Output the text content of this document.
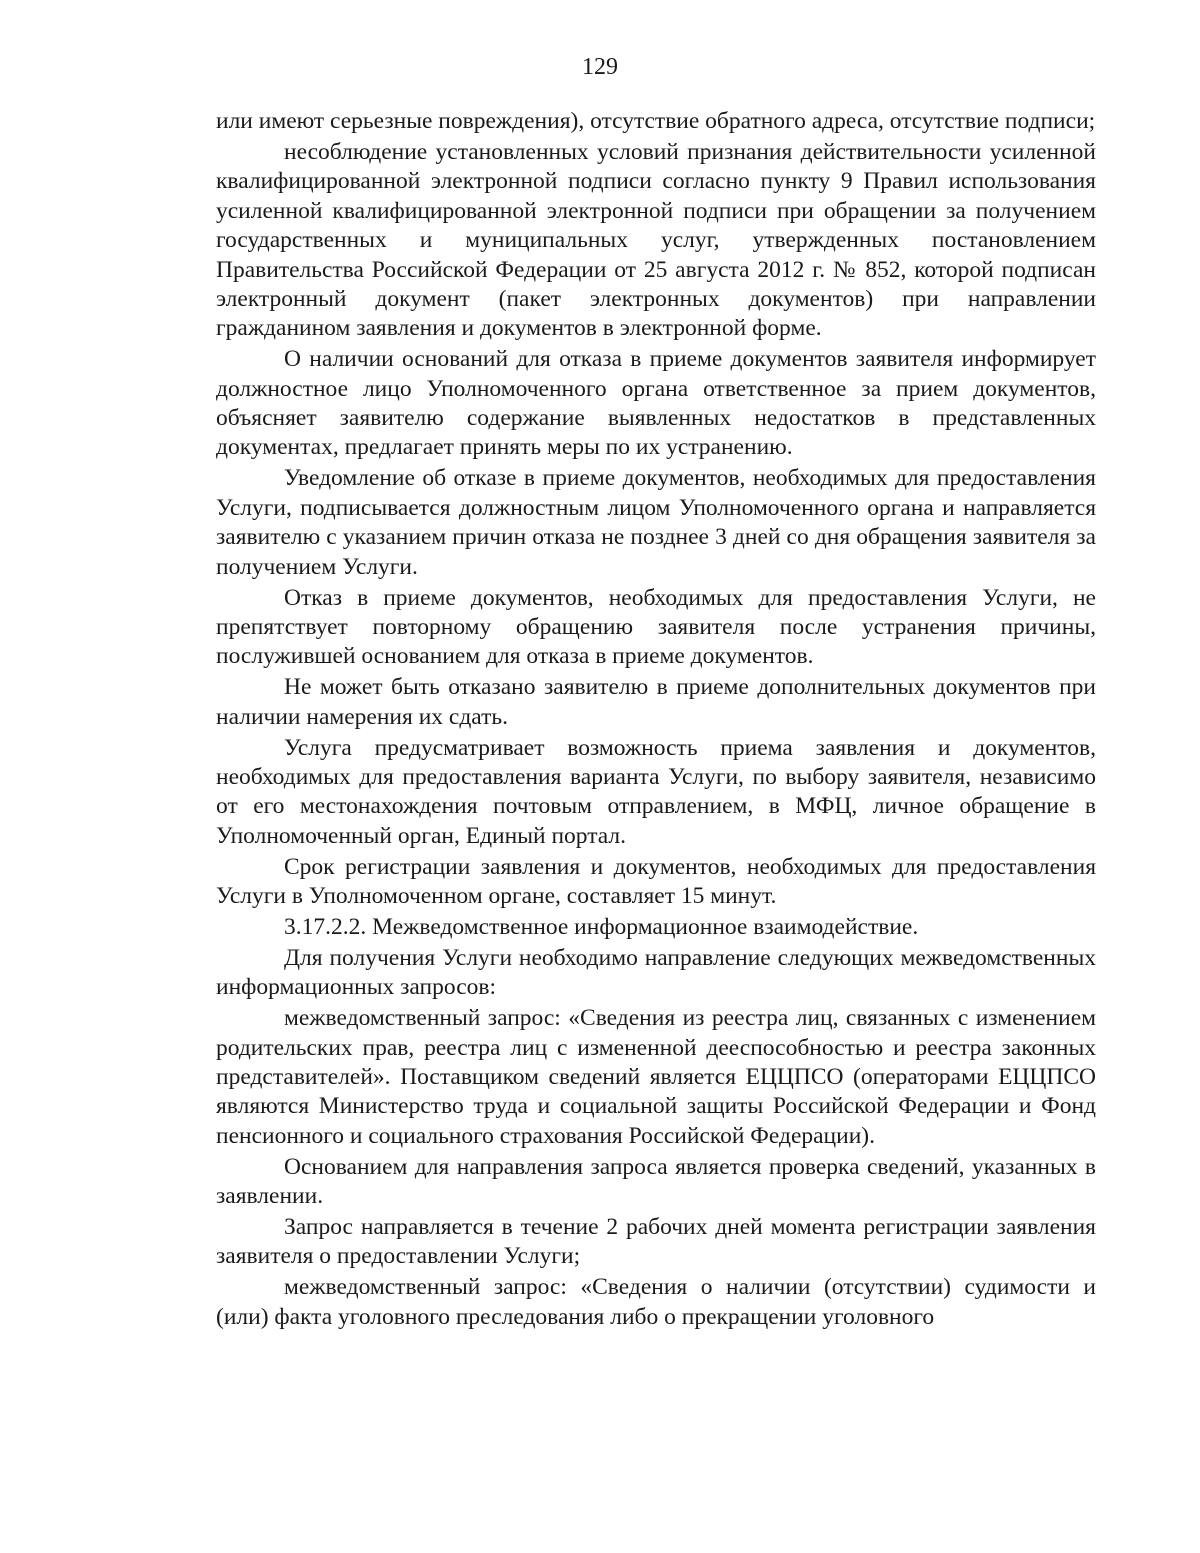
129

или имеют серьезные повреждения), отсутствие обратного адреса, отсутствие подписи;

несоблюдение установленных условий признания действительности усиленной квалифицированной электронной подписи согласно пункту 9 Правил использования усиленной квалифицированной электронной подписи при обращении за получением государственных и муниципальных услуг, утвержденных постановлением Правительства Российской Федерации от 25 августа 2012 г. № 852, которой подписан электронный документ (пакет электронных документов) при направлении гражданином заявления и документов в электронной форме.

О наличии оснований для отказа в приеме документов заявителя информирует должностное лицо Уполномоченного органа ответственное за прием документов, объясняет заявителю содержание выявленных недостатков в представленных документах, предлагает принять меры по их устранению.

Уведомление об отказе в приеме документов, необходимых для предоставления Услуги, подписывается должностным лицом Уполномоченного органа и направляется заявителю с указанием причин отказа не позднее 3 дней со дня обращения заявителя за получением Услуги.

Отказ в приеме документов, необходимых для предоставления Услуги, не препятствует повторному обращению заявителя после устранения причины, послужившей основанием для отказа в приеме документов.

Не может быть отказано заявителю в приеме дополнительных документов при наличии намерения их сдать.

Услуга предусматривает возможность приема заявления и документов, необходимых для предоставления варианта Услуги, по выбору заявителя, независимо от его местонахождения почтовым отправлением, в МФЦ, личное обращение в Уполномоченный орган, Единый портал.

Срок регистрации заявления и документов, необходимых для предоставления Услуги в Уполномоченном органе, составляет 15 минут.

3.17.2.2. Межведомственное информационное взаимодействие.

Для получения Услуги необходимо направление следующих межведомственных информационных запросов:

межведомственный запрос: «Сведения из реестра лиц, связанных с изменением родительских прав, реестра лиц с измененной дееспособностью и реестра законных представителей». Поставщиком сведений является ЕЦЦПСО (операторами ЕЦЦПСО являются Министерство труда и социальной защиты Российской Федерации и Фонд пенсионного и социального страхования Российской Федерации).

Основанием для направления запроса является проверка сведений, указанных в заявлении.

Запрос направляется в течение 2 рабочих дней момента регистрации заявления заявителя о предоставлении Услуги;

межведомственный запрос: «Сведения о наличии (отсутствии) судимости и (или) факта уголовного преследования либо о прекращении уголовного
